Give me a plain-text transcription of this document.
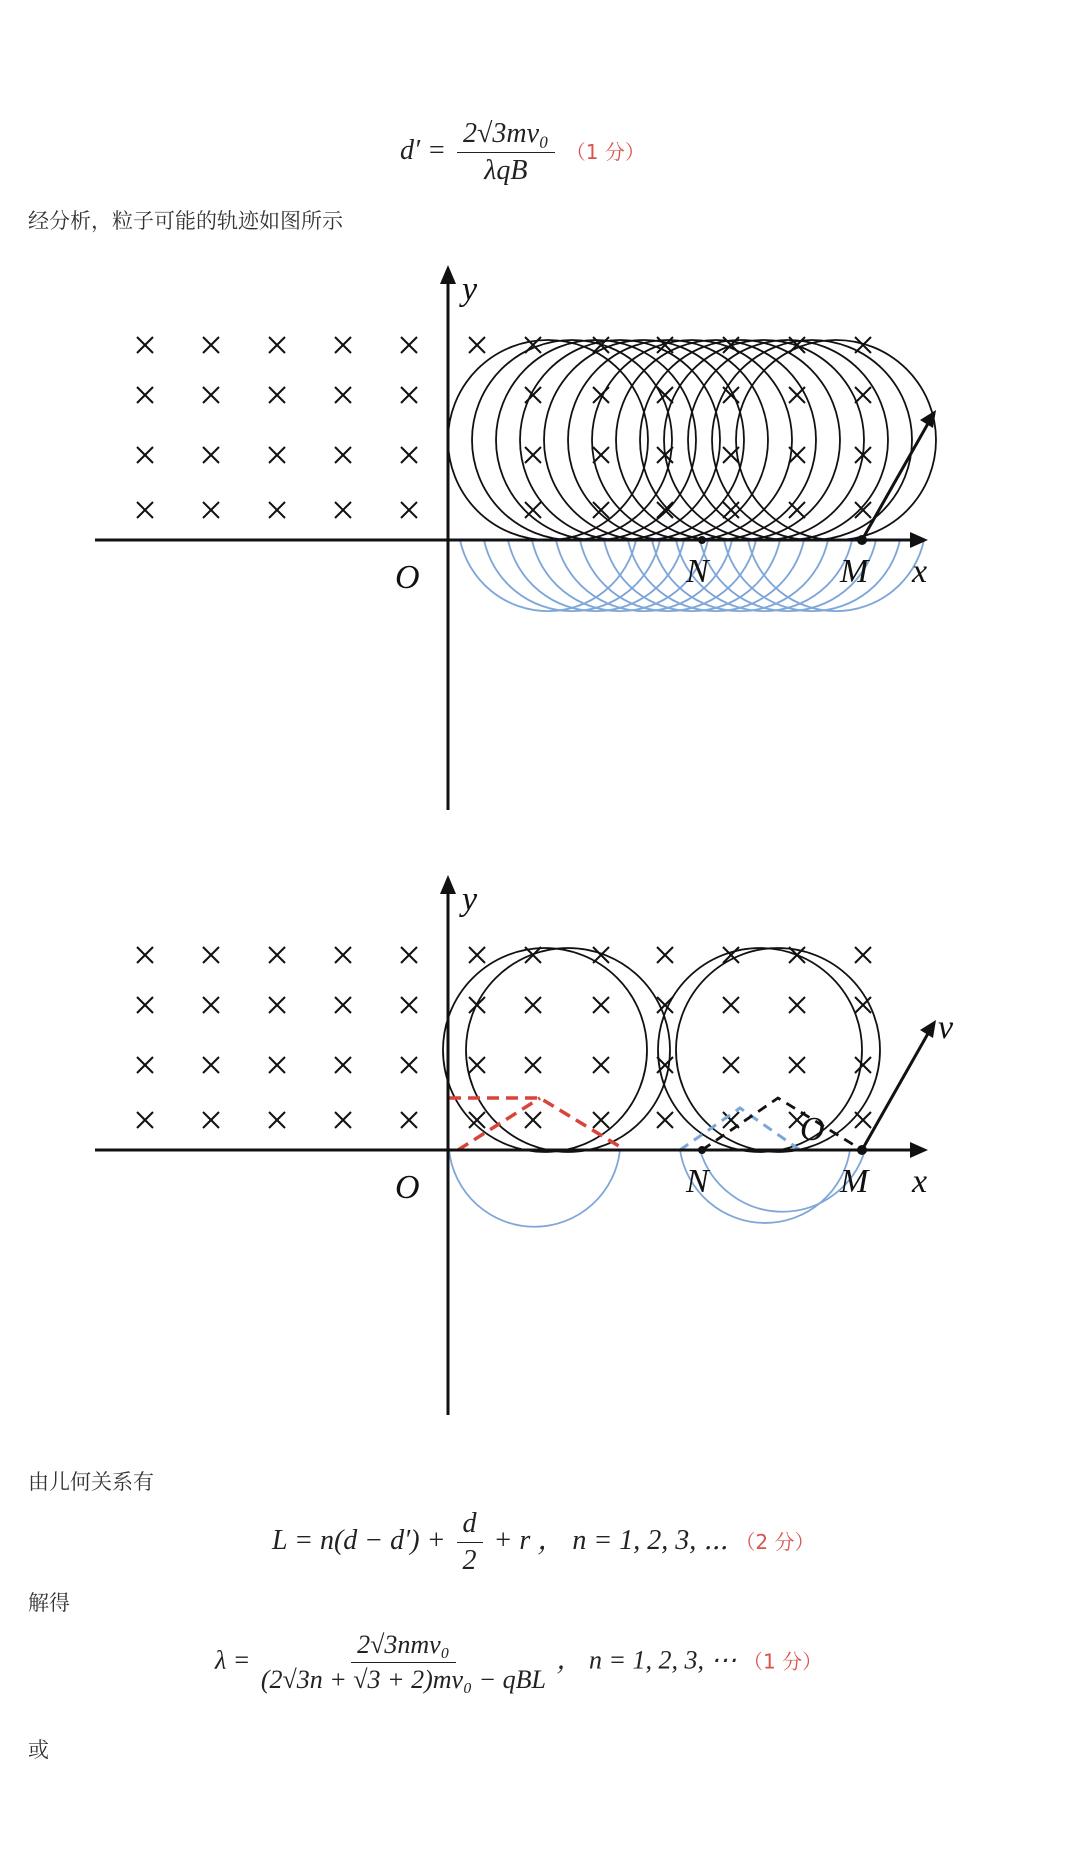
$d' = \frac{\text{2√3mv₀}}{\text{λqB}} (1$ 分）
经分析，粒子可能的轨迹如图所示
y
x
O	N	M
y
x
O	N	M
v
O
由儿何关系有
$L = n(d - d') + \frac{d}{2} + r$ ， n = 1, 2, 3, ⋯ （2 分）
解得
$\lambda = \frac{\text{2√3nmv₀}}{\text{(2√3n + √3 + 2)mv₀ − qBL}}$ ， n = 1, 2, 3, ⋯ （1 分）
或
